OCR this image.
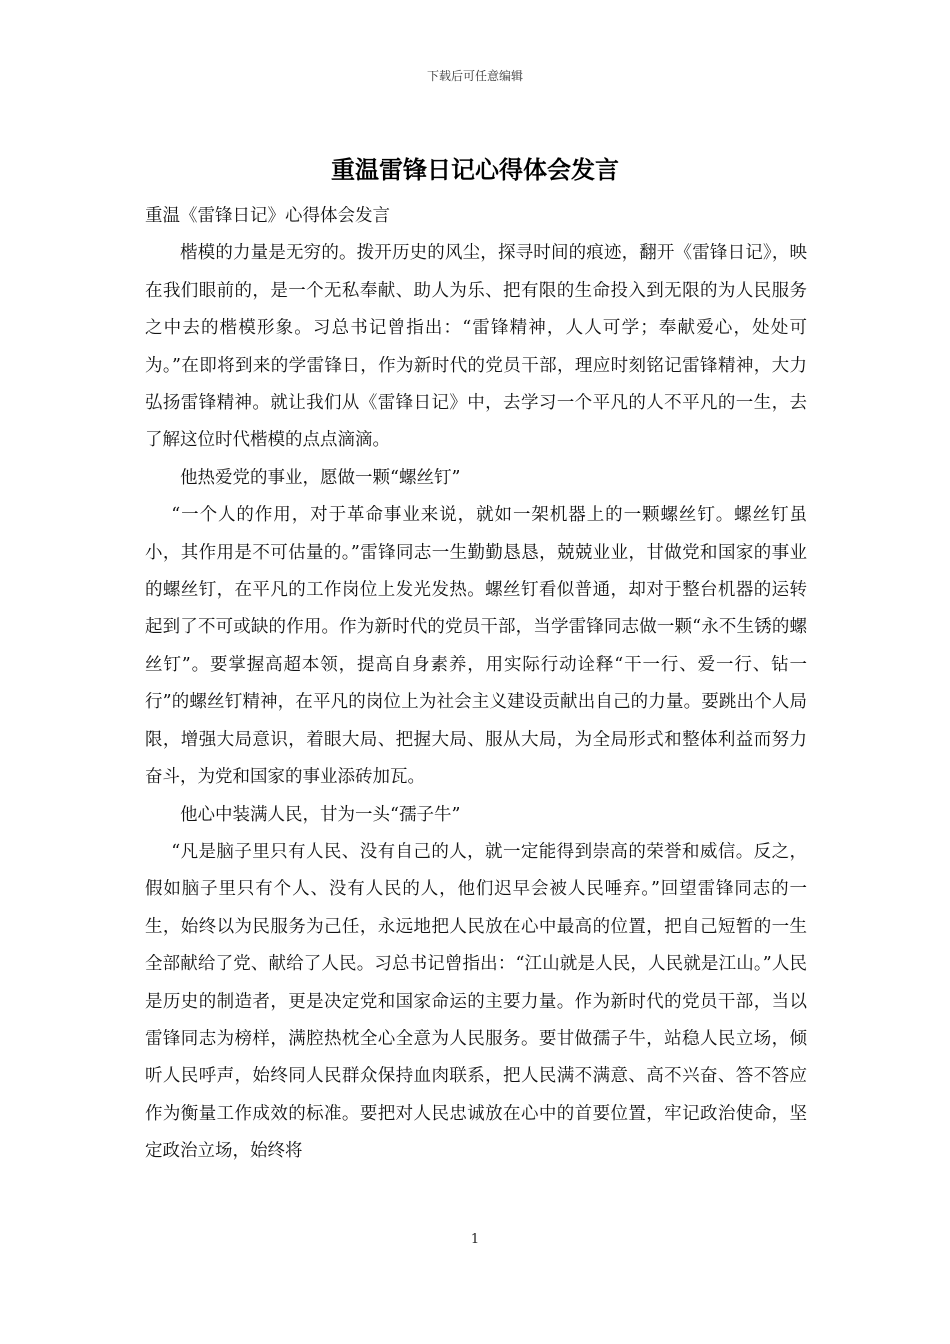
下载后可任意编辑
重温雷锋日记心得体会发言

重温《雷锋日记》心得体会发言

楷模的力量是无穷的。拨开历史的风尘，探寻时间的痕迹，翻开《雷锋日记》，映在我们眼前的，是一个无私奉献、助人为乐、把有限的生命投入到无限的为人民服务之中去的楷模形象。习总书记曾指出：“雷锋精神，人人可学；奉献爱心，处处可为。”在即将到来的学雷锋日，作为新时代的党员干部，理应时刻铭记雷锋精神，大力弘扬雷锋精神。就让我们从《雷锋日记》中，去学习一个平凡的人不平凡的一生，去了解这位时代楷模的点点滴滴。

他热爱党的事业，愿做一颗“螺丝钉”

“一个人的作用，对于革命事业来说，就如一架机器上的一颗螺丝钉。螺丝钉虽小，其作用是不可估量的。”雷锋同志一生勤勤恳恳，兢兢业业，甘做党和国家的事业的螺丝钉，在平凡的工作岗位上发光发热。螺丝钉看似普通，却对于整台机器的运转起到了不可或缺的作用。作为新时代的党员干部，当学雷锋同志做一颗“永不生锈的螺丝钉”。要掌握高超本领，提高自身素养，用实际行动诠释“干一行、爱一行、钻一行”的螺丝钉精神，在平凡的岗位上为社会主义建设贡献出自己的力量。要跳出个人局限，增强大局意识，着眼大局、把握大局、服从大局，为全局形式和整体利益而努力奋斗，为党和国家的事业添砖加瓦。

他心中装满人民，甘为一头“孺子牛”

“凡是脑子里只有人民、没有自己的人，就一定能得到崇高的荣誉和威信。反之，假如脑子里只有个人、没有人民的人，他们迟早会被人民唾弃。”回望雷锋同志的一生，始终以为民服务为己任，永远地把人民放在心中最高的位置，把自己短暂的一生全部献给了党、献给了人民。习总书记曾指出：“江山就是人民，人民就是江山。”人民是历史的制造者，更是决定党和国家命运的主要力量。作为新时代的党员干部，当以雷锋同志为榜样，满腔热枕全心全意为人民服务。要甘做孺子牛，站稳人民立场，倾听人民呼声，始终同人民群众保持血肉联系，把人民满不满意、高不兴奋、答不答应作为衡量工作成效的标准。要把对人民忠诚放在心中的首要位置，牢记政治使命，坚定政治立场，始终将

1
